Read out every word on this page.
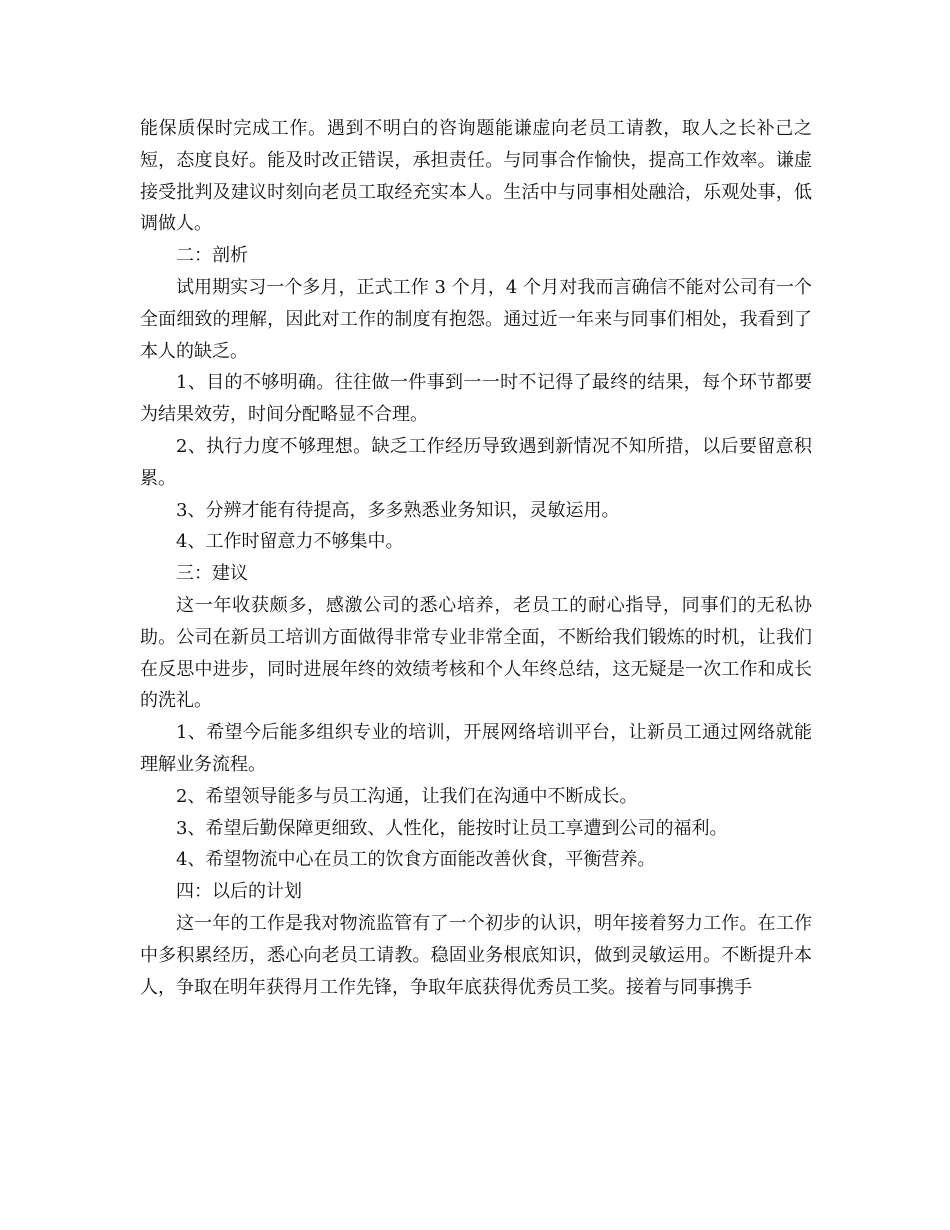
能保质保时完成工作。遇到不明白的咨询题能谦虚向老员工请教，取人之长补己之短，态度良好。能及时改正错误，承担责任。与同事合作愉快，提高工作效率。谦虚接受批判及建议时刻向老员工取经充实本人。生活中与同事相处融洽，乐观处事，低调做人。

二：剖析

试用期实习一个多月，正式工作 3 个月，4 个月对我而言确信不能对公司有一个全面细致的理解，因此对工作的制度有抱怨。通过近一年来与同事们相处，我看到了本人的缺乏。

1、目的不够明确。往往做一件事到一一时不记得了最终的结果，每个环节都要为结果效劳，时间分配略显不合理。

2、执行力度不够理想。缺乏工作经历导致遇到新情况不知所措，以后要留意积累。

3、分辨才能有待提高，多多熟悉业务知识，灵敏运用。

4、工作时留意力不够集中。

三：建议

这一年收获颇多，感激公司的悉心培养，老员工的耐心指导，同事们的无私协助。公司在新员工培训方面做得非常专业非常全面，不断给我们锻炼的时机，让我们在反思中进步，同时进展年终的效绩考核和个人年终总结，这无疑是一次工作和成长的洗礼。

1、希望今后能多组织专业的培训，开展网络培训平台，让新员工通过网络就能理解业务流程。

2、希望领导能多与员工沟通，让我们在沟通中不断成长。

3、希望后勤保障更细致、人性化，能按时让员工享遭到公司的福利。

4、希望物流中心在员工的饮食方面能改善伙食，平衡营养。

四：以后的计划

这一年的工作是我对物流监管有了一个初步的认识，明年接着努力工作。在工作中多积累经历，悉心向老员工请教。稳固业务根底知识，做到灵敏运用。不断提升本人，争取在明年获得月工作先锋，争取年底获得优秀员工奖。接着与同事携手
